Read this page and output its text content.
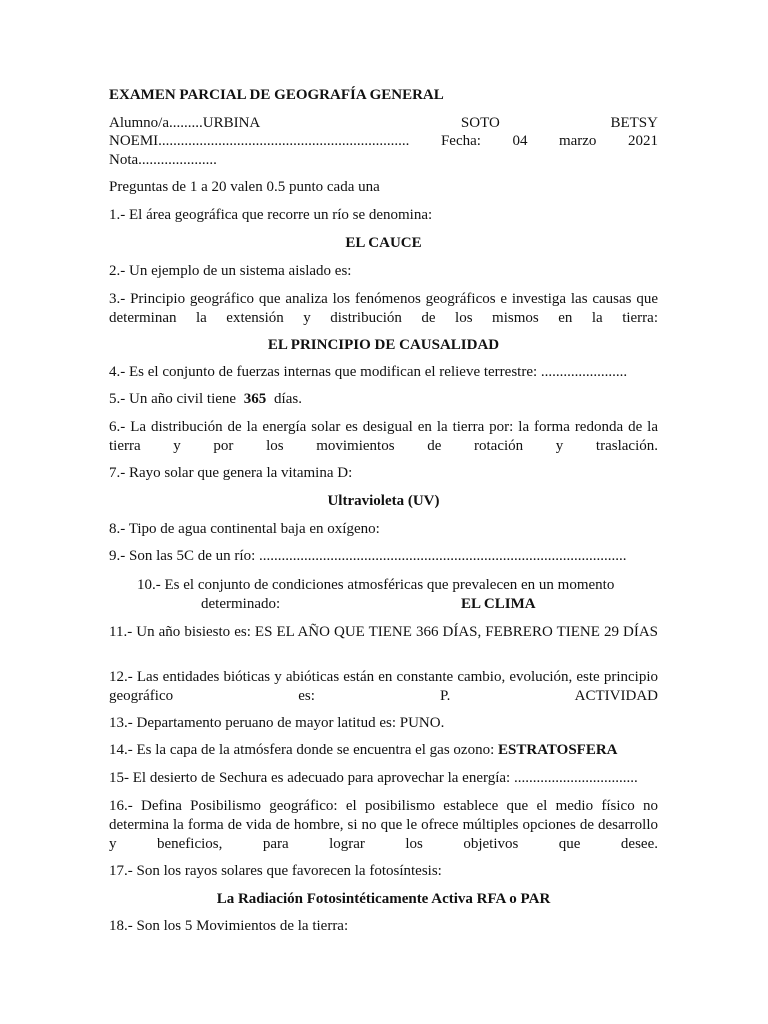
EXAMEN PARCIAL DE GEOGRAFÍA GENERAL

Alumno/a.........URBINA	SOTO	BETSY
NOEMI................................................................... Fecha: 04 marzo 2021

Nota.....................

Preguntas de 1 a 20 valen 0.5 punto cada una

1.- El área geográfica que recorre un río se denomina:

EL CAUCE

2.- Un ejemplo de un sistema aislado es:

3.- Principio geográfico que analiza los fenómenos geográficos e investiga las causas que determinan la extensión y distribución de los mismos en la tierra:

EL PRINCIPIO DE CAUSALIDAD

4.- Es el conjunto de fuerzas internas que modifican el relieve terrestre: .......................

5.- Un año civil tiene 365 días.

6.- La distribución de la energía solar es desigual en la tierra por: la forma redonda de la tierra y por los movimientos de rotación y traslación.

7.- Rayo solar que genera la vitamina D:

Ultravioleta (UV)

8.- Tipo de agua continental baja en oxígeno:

9.- Son las 5C de un río: ..................................................................................................

10.- Es el conjunto de condiciones atmosféricas que prevalecen en un momento

determinado:	EL CLIMA

11.- Un año bisiesto es: ES EL AÑO QUE TIENE 366 DÍAS, FEBRERO TIENE 29 DÍAS

12.- Las entidades bióticas y abióticas están en constante cambio, evolución, este principio geográfico es: P. ACTIVIDAD

13.- Departamento peruano de mayor latitud es: PUNO.

14.- Es la capa de la atmósfera donde se encuentra el gas ozono: ESTRATOSFERA

15- El desierto de Sechura es adecuado para aprovechar la energía: .................................

16.- Defina Posibilismo geográfico: el posibilismo establece que el medio físico no determina la forma de vida de hombre, si no que le ofrece múltiples opciones de desarrollo y beneficios, para lograr los objetivos que desee.

17.- Son los rayos solares que favorecen la fotosíntesis:

La Radiación Fotosintéticamente Activa RFA o PAR

18.- Son los 5 Movimientos de la tierra:
